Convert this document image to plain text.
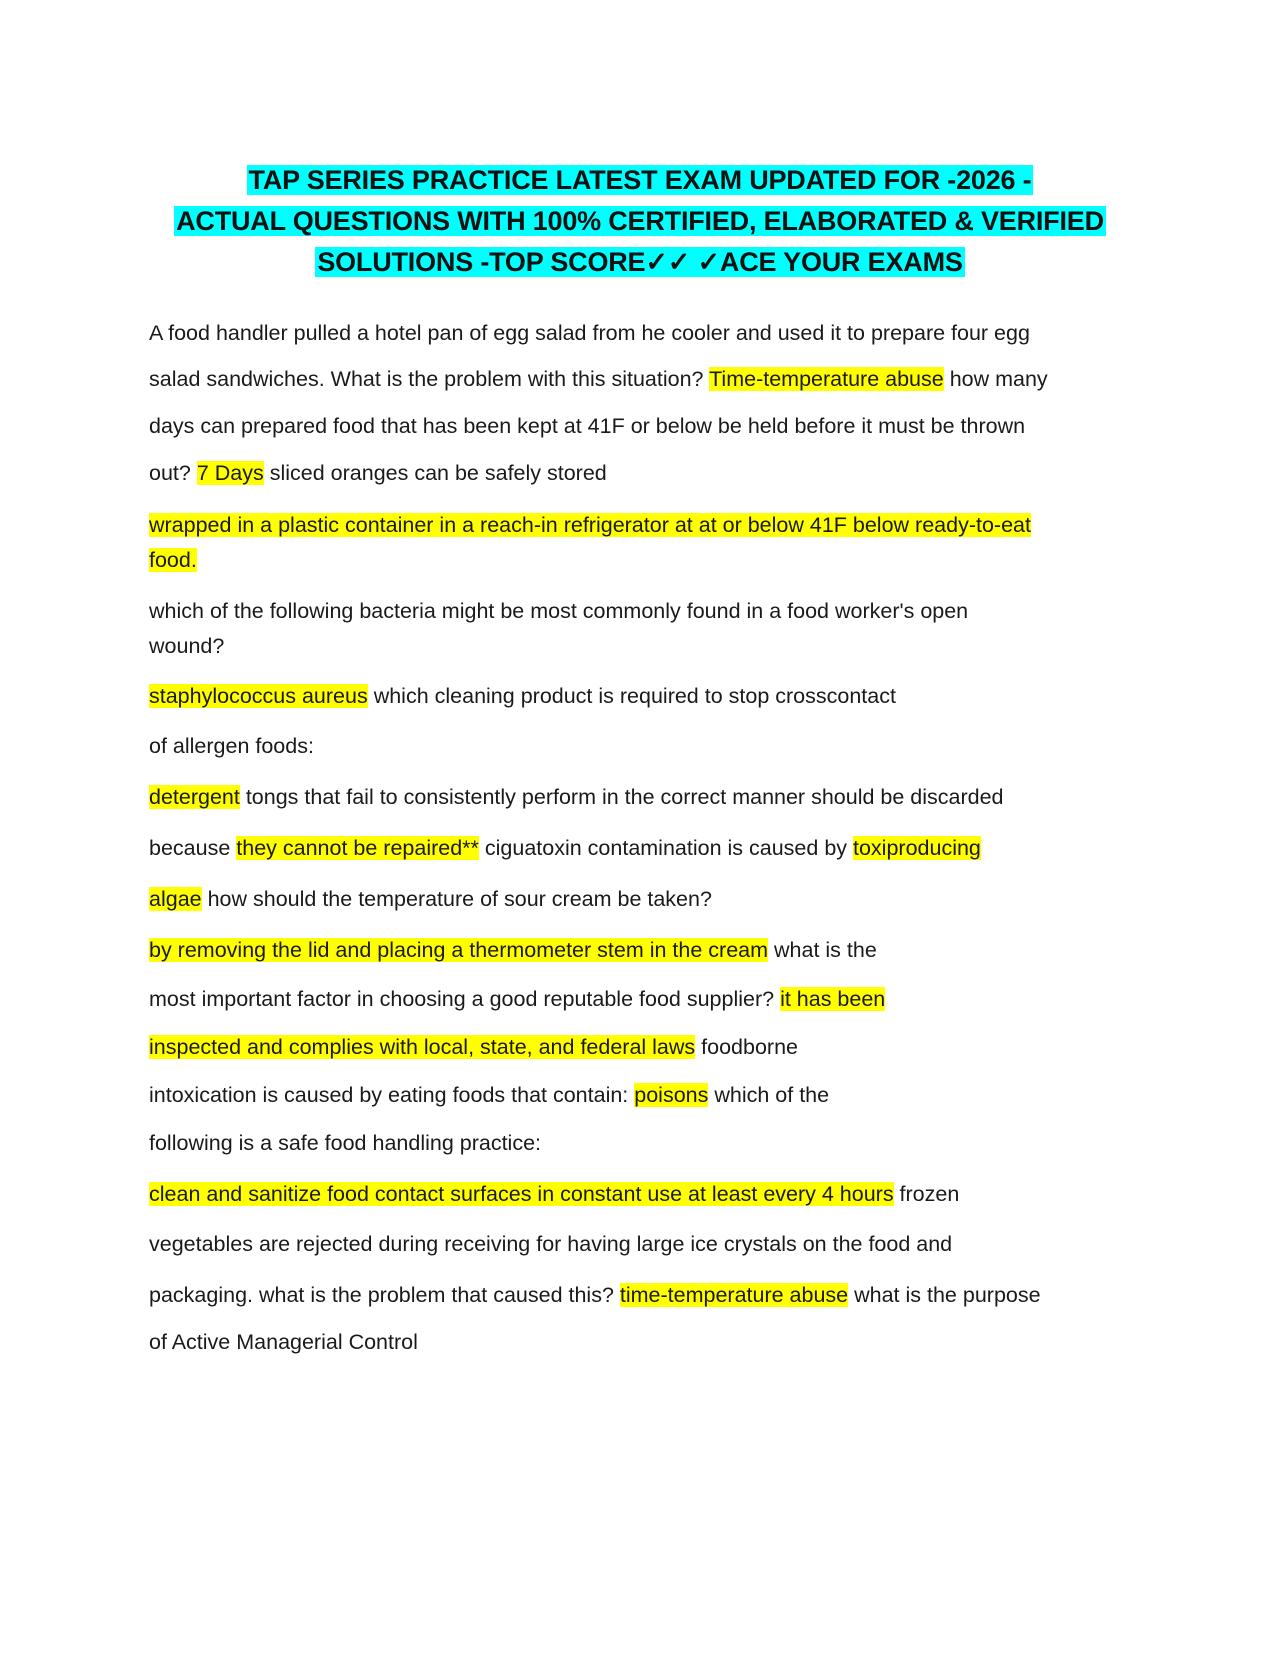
TAP SERIES PRACTICE LATEST EXAM UPDATED FOR -2026 -
ACTUAL QUESTIONS WITH 100% CERTIFIED, ELABORATED & VERIFIED
SOLUTIONS -TOP SCORE✓✓ ✓ACE YOUR EXAMS
A food handler pulled a hotel pan of egg salad from he cooler and used it to prepare four egg
salad sandwiches. What is the problem with this situation? Time-temperature abuse how many
days can prepared food that has been kept at 41F or below be held before it must be thrown
out? 7 Days sliced oranges can be safely stored
wrapped in a plastic container in a reach-in refrigerator at at or below 41F below ready-to-eat
food.
which of the following bacteria might be most commonly found in a food worker's open
wound?
staphylococcus aureus which cleaning product is required to stop crosscontact
of allergen foods:
detergent tongs that fail to consistently perform in the correct manner should be discarded
because they cannot be repaired** ciguatoxin contamination is caused by toxiproducing
algae how should the temperature of sour cream be taken?
by removing the lid and placing a thermometer stem in the cream what is the
most important factor in choosing a good reputable food supplier? it has been
inspected and complies with local, state, and federal laws foodborne
intoxication is caused by eating foods that contain: poisons which of the
following is a safe food handling practice:
clean and sanitize food contact surfaces in constant use at least every 4 hours frozen
vegetables are rejected during receiving for having large ice crystals on the food and
packaging. what is the problem that caused this? time-temperature abuse what is the purpose
of Active Managerial Control
